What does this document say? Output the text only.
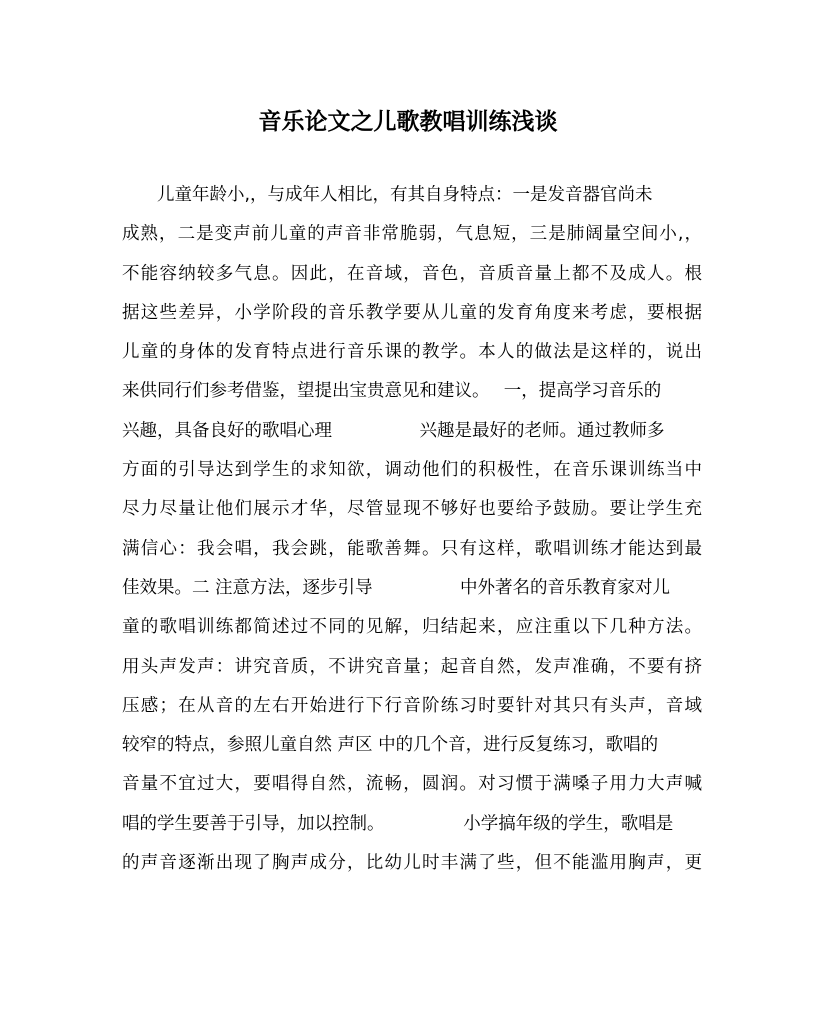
音乐论文之儿歌教唱训练浅谈
　　儿童年龄小,，与成年人相比，有其自身特点：一是发音器官尚未
成熟，二是变声前儿童的声音非常脆弱，气息短，三是肺阔量空间小,，
不能容纳较多气息。因此，在音域，音色，音质音量上都不及成人。根
据这些差异，小学阶段的音乐教学要从儿童的发育角度来考虑，要根据
儿童的身体的发育特点进行音乐课的教学。本人的做法是这样的，说出
来供同行们参考借鉴，望提出宝贵意见和建议。　 一，提高学习音乐的
兴趣，具备良好的歌唱心理　　　　　兴趣是最好的老师。通过教师多
方面的引导达到学生的求知欲，调动他们的积极性，在音乐课训练当中
尽力尽量让他们展示才华，尽管显现不够好也要给予鼓励。要让学生充
满信心：我会唱，我会跳，能歌善舞。只有这样，歌唱训练才能达到最
佳效果。二 注意方法，逐步引导　　　　　中外著名的音乐教育家对儿
童的歌唱训练都简述过不同的见解，归结起来，应注重以下几种方法。
用头声发声：讲究音质，不讲究音量；起音自然，发声准确，不要有挤
压感；在从音的左右开始进行下行音阶练习时要针对其只有头声，音域
较窄的特点，参照儿童自然 声区 中的几个音，进行反复练习，歌唱的
音量不宜过大，要唱得自然，流畅，圆润。对习惯于满嗓子用力大声喊
唱的学生要善于引导，加以控制。　　　　　小学搞年级的学生，歌唱是
的声音逐渐出现了胸声成分，比幼儿时丰满了些，但不能滥用胸声，更
